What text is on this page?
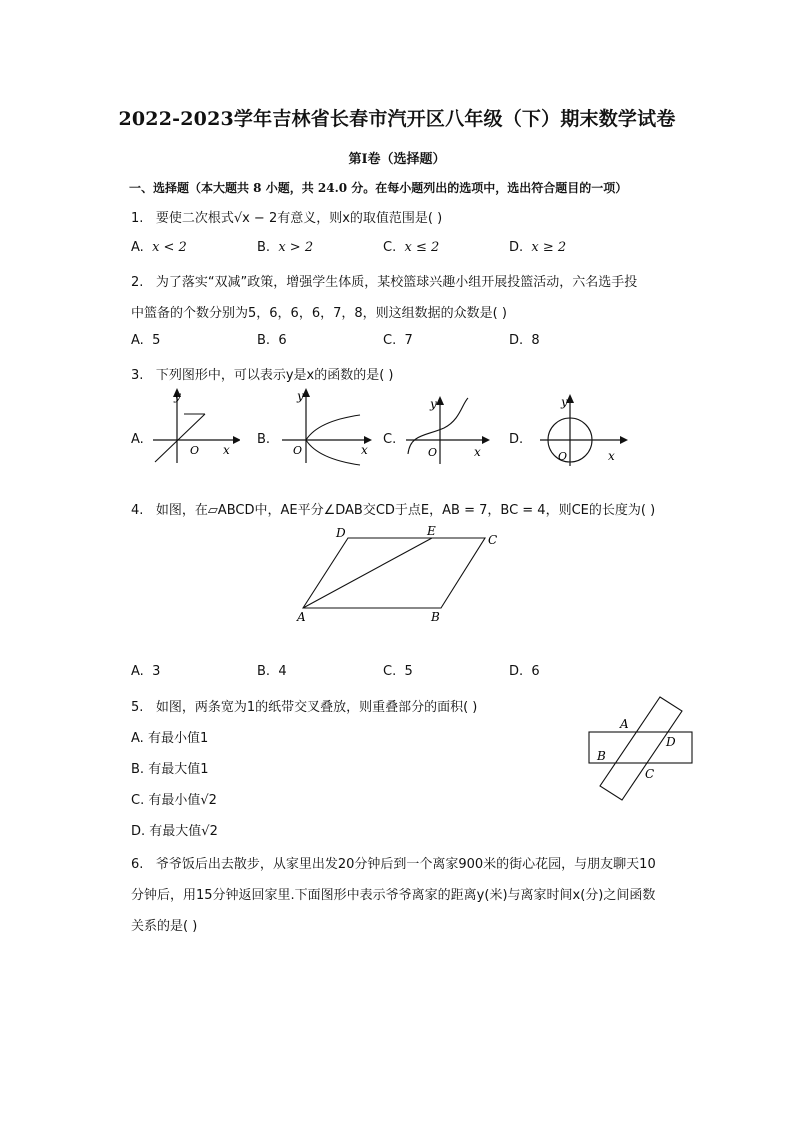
2022-2023学年吉林省长春市汽开区八年级（下）期末数学试卷
第I卷（选择题）
一、选择题（本大题共 8 小题，共 24.0 分。在每小题列出的选项中，选出符合题目的一项）
1. 要使二次根式√x − 2有意义，则x的取值范围是( )
A. x < 2	B. x > 2	C. x ≤ 2	D. x ≥ 2
2. 为了落实“双减”政策，增强学生体质，某校篮球兴趣小组开展投篮活动，六名选手投
中篮备的个数分别为5，6，6，6，7，8，则这组数据的众数是( )
A. 5	B. 6	C. 7	D. 8
3. 下列图形中，可以表示y是x的函数的是( )
A.
y
x
O
B.
y
x
O
C.
y
x
O
D.
y
x
O
4. 如图，在▱ABCD中，AE平分∠DAB交CD于点E，AB = 7，BC = 4，则CE的长度为( )
A	B
C
D	E
A. 3	B. 4	C. 5	D. 6
5. 如图，两条宽为1的纸带交叉叠放，则重叠部分的面积( )
A. 有最小值1
B. 有最大值1
C. 有最小值√2
D. 有最大值√2
A
B
C
D
6. 爷爷饭后出去散步，从家里出发20分钟后到一个离家900米的街心花园，与朋友聊天10
分钟后，用15分钟返回家里.下面图形中表示爷爷离家的距离y(米)与离家时间x(分)之间函数
关系的是( )
